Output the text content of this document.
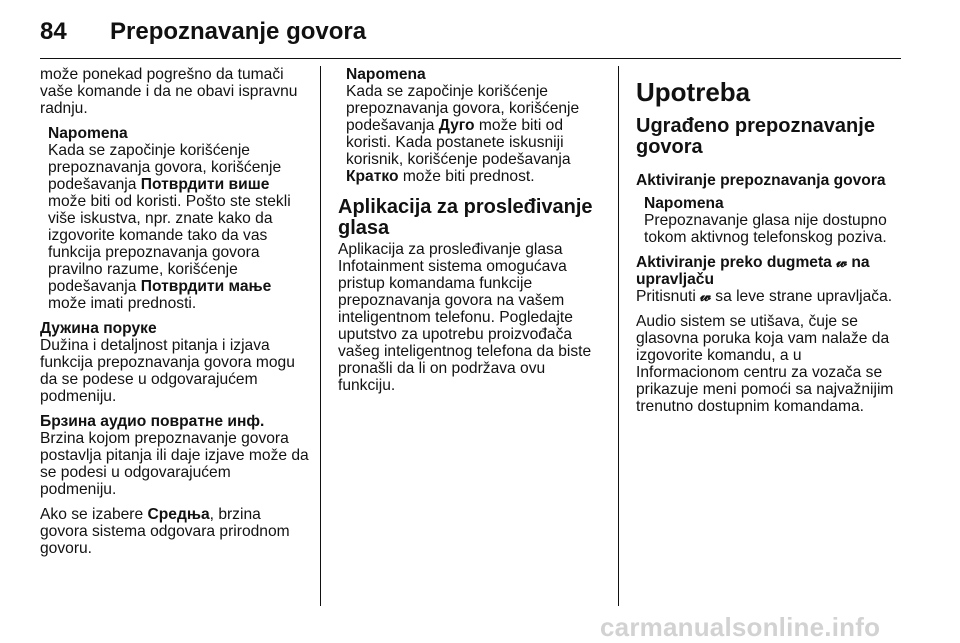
84 Prepoznavanje govora

može ponekad pogrešno da tumači vaše komande i da ne obavi ispravnu radnju.

Napomena
Kada se započinje korišćenje prepoznavanja govora, korišćenje podešavanja Потврдити више može biti od koristi. Pošto ste stekli više iskustva, npr. znate kako da izgovorite komande tako da vas funkcija prepoznavanja govora pravilno razume, korišćenje podešavanja Потврдити мање može imati prednosti.
Дужина поруке

Dužina i detaljnost pitanja i izjava funkcija prepoznavanja govora mogu da se podese u odgovarajućem podmeniju.

Брзина аудио повратне инф.

Brzina kojom prepoznavanje govora postavlja pitanja ili daje izjave može da se podesi u odgovarajućem podmeniju.

Ako se izabere Средња, brzina govora sistema odgovara prirodnom govoru.

Napomena
Kada se započinje korišćenje prepoznavanja govora, korišćenje podešavanja Дуго može biti od koristi. Kada postanete iskusniji korisnik, korišćenje podešavanja Кратко može biti prednost.
Aplikacija za prosleđivanje glasa

Aplikacija za prosleđivanje glasa Infotainment sistema omogućava pristup komandama funkcije prepoznavanja govora na vašem inteligentnom telefonu. Pogledajte uputstvo za upotrebu proizvođača vašeg inteligentnog telefona da biste pronašli da li on podržava ovu funkciju.

Upotreba
Ugrađeno prepoznavanje govora
Aktiviranje prepoznavanja govora
Napomena
Prepoznavanje glasa nije dostupno tokom aktivnog telefonskog poziva.
Aktiviranje preko dugmeta 𝓌 na upravljaču

Pritisnuti 𝓌 sa leve strane upravljača.

Audio sistem se utišava, čuje se glasovna poruka koja vam nalaže da izgovorite komandu, a u Informacionom centru za vozača se prikazuje meni pomoći sa najvažnijim trenutno dostupnim komandama.

carmanualsonline.info
